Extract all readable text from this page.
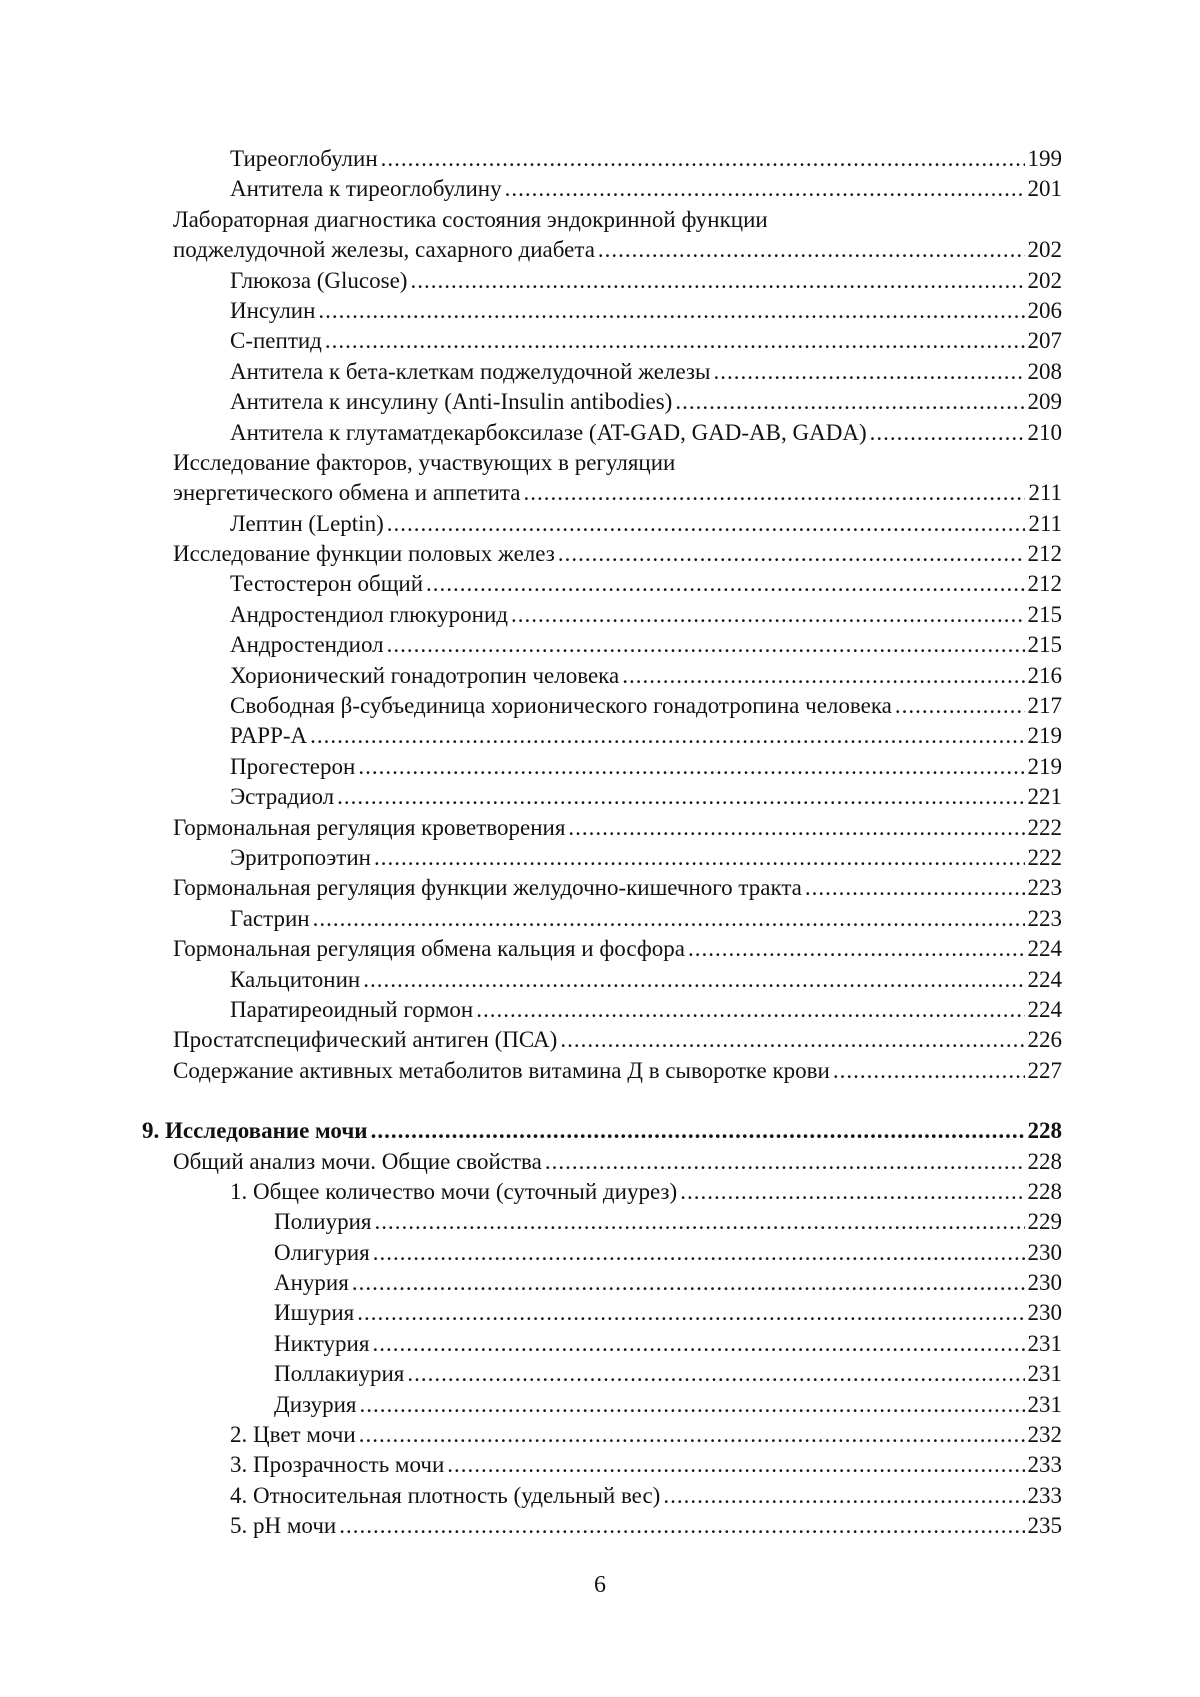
Тиреоглобулин .....	199
Антитела к тиреоглобулину .....	201
Лабораторная диагностика состояния эндокринной функции
поджелудочной железы, сахарного диабета .....	202
Глюкоза (Glucose) .....	202
Инсулин .....	206
С-пептид .....	207
Антитела к бета-клеткам поджелудочной железы .....	208
Антитела к инсулину (Anti-Insulin antibodies) .....	209
Антитела к глутаматдекарбоксилазе (AT-GAD, GAD-AB, GADA) .....	210
Исследование факторов, участвующих в регуляции
энергетического обмена и аппетита .....	211
Лептин (Leptin) .....	211
Исследование функции половых желез .....	212
Тестостерон общий .....	212
Андростендиол глюкуронид .....	215
Андростендиол .....	215
Хорионический гонадотропин человека .....	216
Свободная β-субъединица хорионического гонадотропина человека .....	217
PAPP-A .....	219
Прогестерон .....	219
Эстрадиол .....	221
Гормональная регуляция кроветворения .....	222
Эритропоэтин .....	222
Гормональная регуляция функции желудочно-кишечного тракта .....	223
Гастрин .....	223
Гормональная регуляция обмена кальция и фосфора .....	224
Кальцитонин .....	224
Паратиреоидный гормон .....	224
Простатспецифический антиген (ПСА) .....	226
Содержание активных метаболитов витамина Д в сыворотке крови .....	227
9. Исследование мочи .....	228
Общий анализ мочи. Общие свойства .....	228
1. Общее количество мочи (суточный диурез) .....	228
Полиурия .....	229
Олигурия .....	230
Анурия .....	230
Ишурия .....	230
Никтурия .....	231
Поллакиурия .....	231
Дизурия .....	231
2. Цвет мочи .....	232
3. Прозрачность мочи .....	233
4. Относительная плотность (удельный вес) .....	233
5. pH мочи .....	235
6
